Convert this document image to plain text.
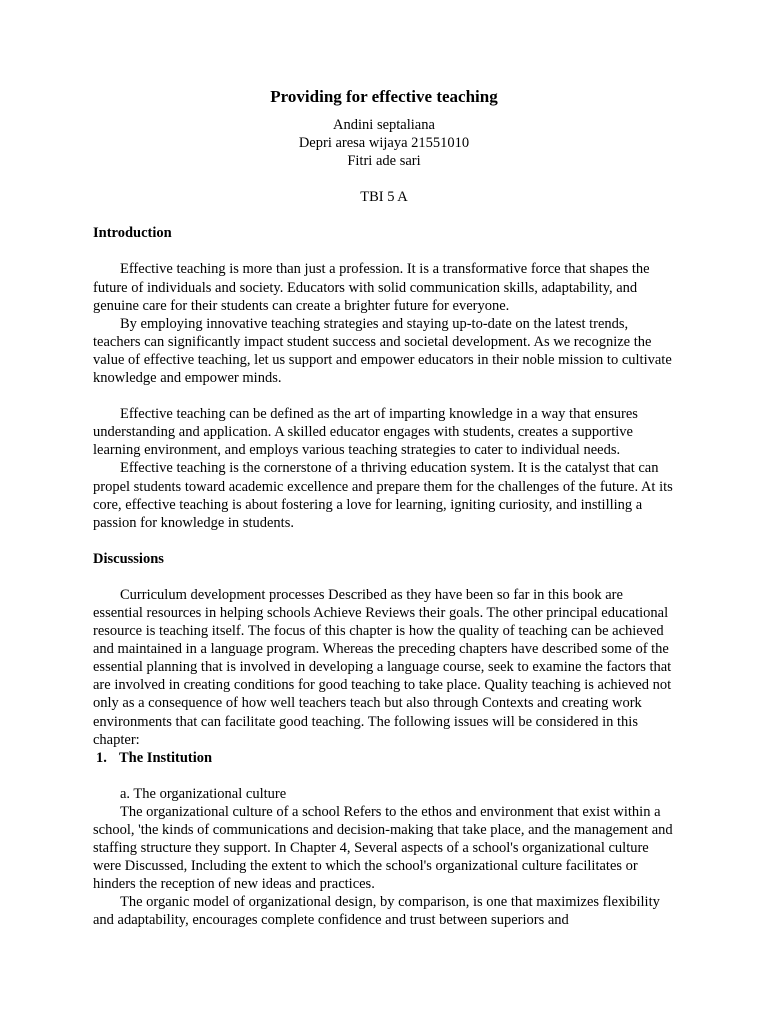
Providing for effective teaching

Andini septaliana

Depri aresa wijaya 21551010

Fitri ade sari

TBI 5 A

Introduction

Effective teaching is more than just a profession. It is a transformative force that shapes the future of individuals and society. Educators with solid communication skills, adaptability, and genuine care for their students can create a brighter future for everyone.

By employing innovative teaching strategies and staying up-to-date on the latest trends, teachers can significantly impact student success and societal development. As we recognize the value of effective teaching, let us support and empower educators in their noble mission to cultivate knowledge and empower minds.

Effective teaching can be defined as the art of imparting knowledge in a way that ensures understanding and application. A skilled educator engages with students, creates a supportive learning environment, and employs various teaching strategies to cater to individual needs.

Effective teaching is the cornerstone of a thriving education system. It is the catalyst that can propel students toward academic excellence and prepare them for the challenges of the future. At its core, effective teaching is about fostering a love for learning, igniting curiosity, and instilling a passion for knowledge in students.

Discussions

Curriculum development processes Described as they have been so far in this book are essential resources in helping schools Achieve Reviews their goals. The other principal educational resource is teaching itself. The focus of this chapter is how the quality of teaching can be achieved and maintained in a language program. Whereas the preceding chapters have described some of the essential planning that is involved in developing a language course, seek to examine the factors that are involved in creating conditions for good teaching to take place. Quality teaching is achieved not only as a consequence of how well teachers teach but also through Contexts and creating work environments that can facilitate good teaching. The following issues will be considered in this chapter:

1. The Institution

a. The organizational culture

The organizational culture of a school Refers to the ethos and environment that exist within a school, 'the kinds of communications and decision-making that take place, and the management and staffing structure they support. In Chapter 4, Several aspects of a school's organizational culture were Discussed, Including the extent to which the school's organizational culture facilitates or hinders the reception of new ideas and practices.

The organic model of organizational design, by comparison, is one that maximizes flexibility and adaptability, encourages complete confidence and trust between superiors and
